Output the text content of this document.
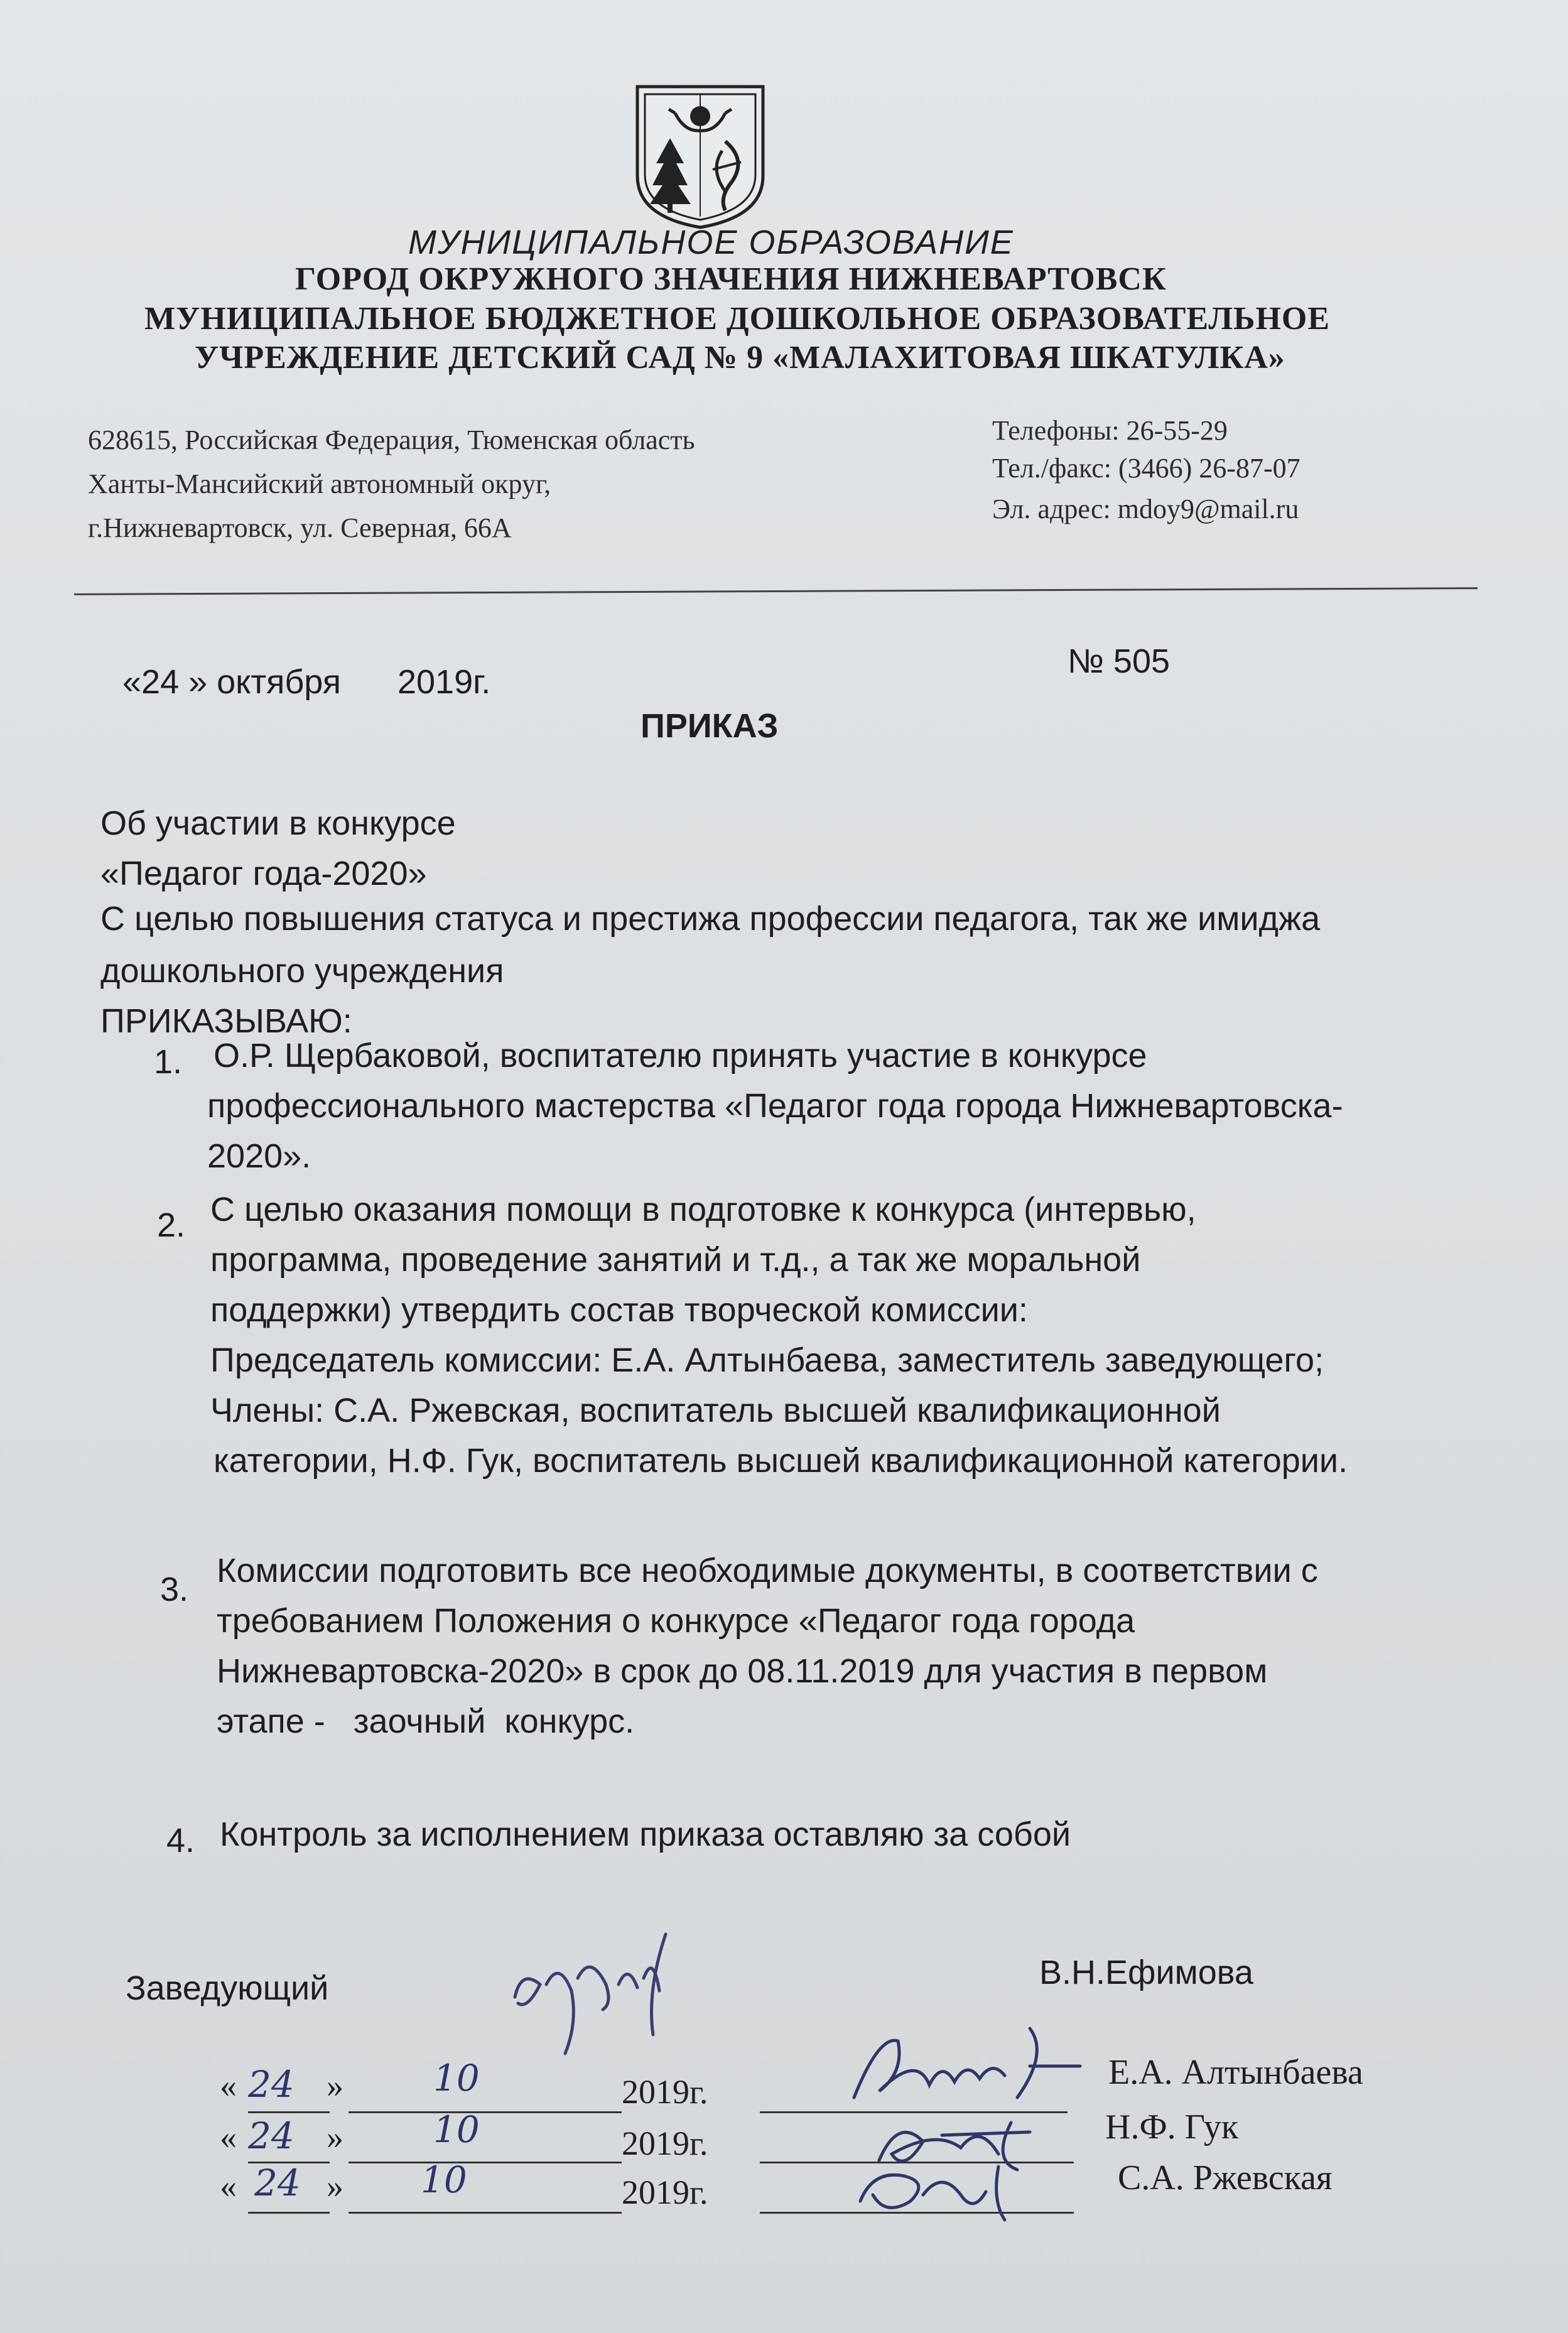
МУНИЦИПАЛЬНОЕ ОБРАЗОВАНИЕ
ГОРОД ОКРУЖНОГО ЗНАЧЕНИЯ НИЖНЕВАРТОВСК
МУНИЦИПАЛЬНОЕ БЮДЖЕТНОЕ ДОШКОЛЬНОЕ ОБРАЗОВАТЕЛЬНОЕ
УЧРЕЖДЕНИЕ ДЕТСКИЙ САД № 9 «МАЛАХИТОВАЯ ШКАТУЛКА»
628615, Российская Федерация, Тюменская область
Ханты-Мансийский автономный округ,
г.Нижневартовск, ул. Северная, 66А
Телефоны: 26-55-29
Тел./факс: (3466) 26-87-07
Эл. адрес: mdoy9@mail.ru
«24 » октября      2019г.
№ 505
ПРИКАЗ
Об участии в конкурсе
«Педагог года-2020»
С целью повышения статуса и престижа профессии педагога, так же имиджа
дошкольного учреждения
ПРИКАЗЫВАЮ:
1. О.Р. Щербаковой, воспитателю принять участие в конкурсе
профессионального мастерства «Педагог года города Нижневартовска-
2020».
2. С целью оказания помощи в подготовке к конкурса (интервью,
программа, проведение занятий и т.д., а так же моральной
поддержки) утвердить состав творческой комиссии:
Председатель комиссии: Е.А. Алтынбаева, заместитель заведующего;
Члены: С.А. Ржевская, воспитатель высшей квалификационной
категории, Н.Ф. Гук, воспитатель высшей квалификационной категории.
3. Комиссии подготовить все необходимые документы, в соответствии с
требованием Положения о конкурсе «Педагог года города
Нижневартовска-2020» в срок до 08.11.2019 для участия в первом
этапе -   заочный  конкурс.
4. Контроль за исполнением приказа оставляю за собой
Заведующий	В.Н.Ефимова
« 24 » 10	2019г.	Е.А. Алтынбаева
« 24 » 10	2019г.	Н.Ф. Гук
« 24 » 10	2019г.	С.А. Ржевская
